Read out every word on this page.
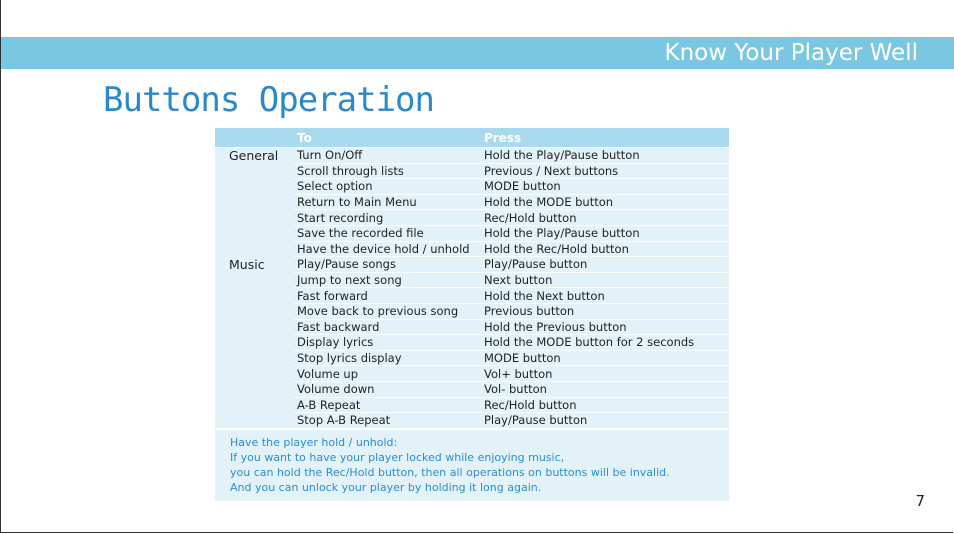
Know Your Player Well
Buttons Operation
	To	Press
General	Turn On/Off	Hold the Play/Pause button
	Scroll through lists	Previous / Next buttons
	Select option	MODE button
	Return to Main Menu	Hold the MODE button
	Start recording	Rec/Hold button
	Save the recorded file	Hold the Play/Pause button
	Have the device hold / unhold	Hold the Rec/Hold button
Music	Play/Pause songs	Play/Pause button
	Jump to next song	Next button
	Fast forward	Hold the Next button
	Move back to previous song	Previous button
	Fast backward	Hold the Previous button
	Display lyrics	Hold the MODE button for 2 seconds
	Stop lyrics display	MODE button
	Volume up	Vol+ button
	Volume down	Vol- button
	A-B Repeat	Rec/Hold button
	Stop A-B Repeat	Play/Pause button
Have the player hold / unhold:
If you want to have your player locked while enjoying music,
you can hold the Rec/Hold button, then all operations on buttons will be invalid.
And you can unlock your player by holding it long again.
7
